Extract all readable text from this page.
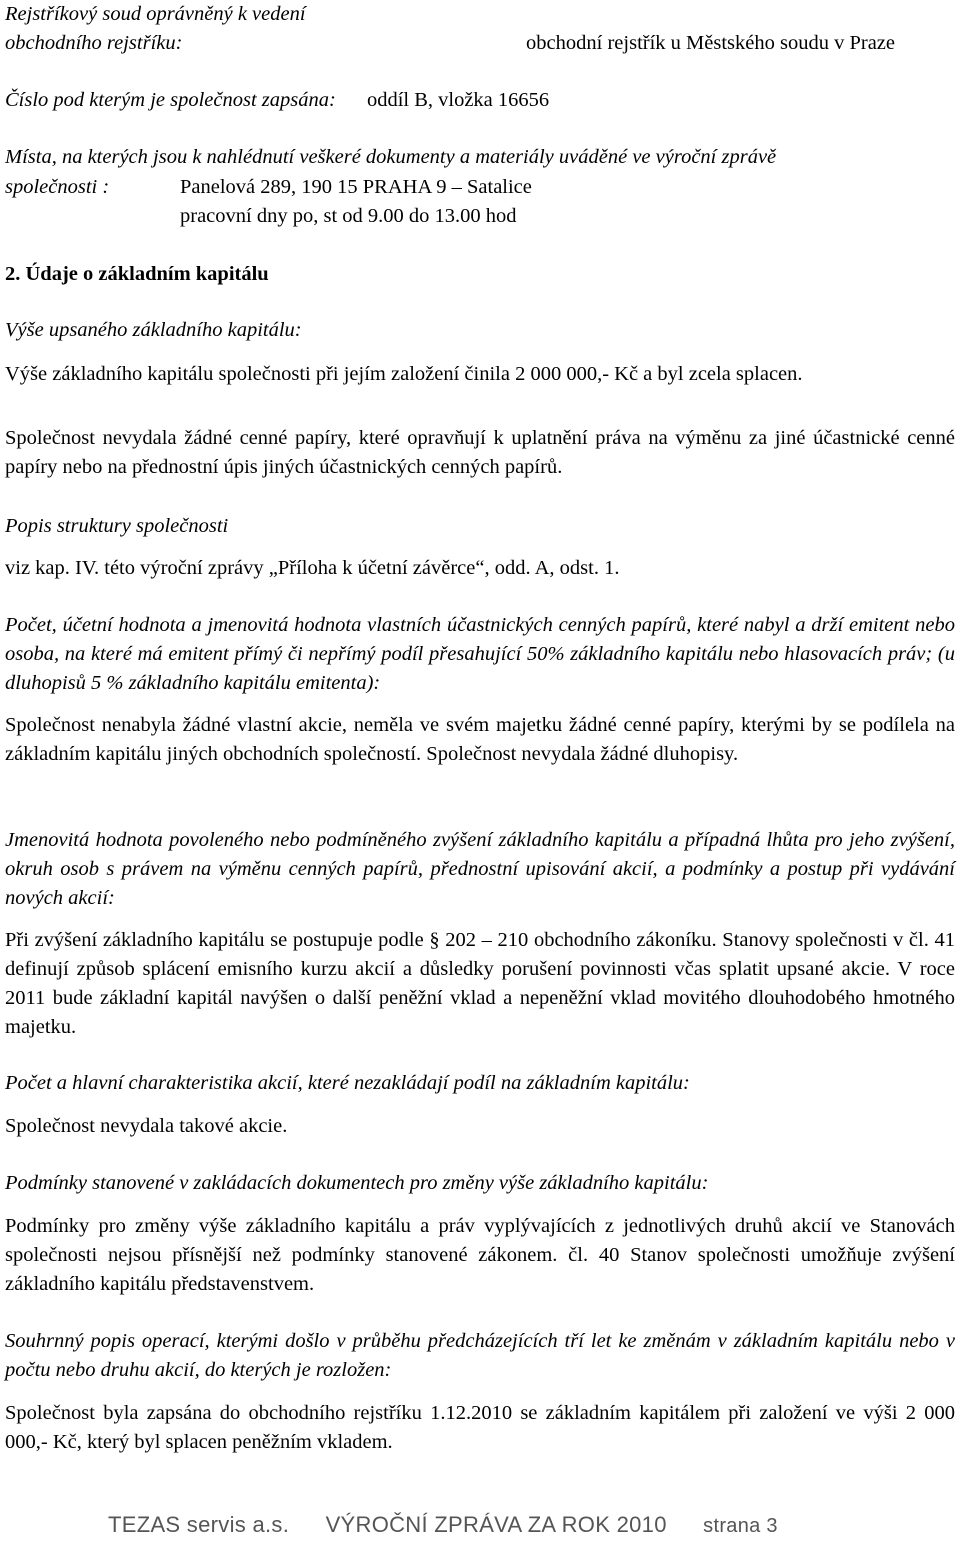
Rejstříkový soud oprávněný k vedení
obchodního rejstříku:	obchodní rejstřík u Městského soudu v Praze
Číslo pod kterým je společnost zapsána: oddíl B, vložka 16656
Místa, na kterých jsou k nahlédnutí veškeré dokumenty a materiály uváděné ve výroční zprávě
společnosti :	Panelová 289, 190 15 PRAHA 9 – Satalice
pracovní dny po, st od 9.00 do 13.00 hod
2. Údaje o základním kapitálu
Výše upsaného základního kapitálu:

Výše základního kapitálu společnosti při jejím založení činila 2 000 000,- Kč a byl zcela splacen.

Společnost nevydala žádné cenné papíry, které opravňují k uplatnění práva na výměnu za jiné účastnické cenné papíry nebo na přednostní úpis jiných účastnických cenných papírů.

Popis struktury společnosti
viz kap. IV. této výroční zprávy „Příloha k účetní závěrce“, odd. A, odst. 1.

Počet, účetní hodnota a jmenovitá hodnota vlastních účastnických cenných papírů, které nabyl a drží emitent nebo osoba, na které má emitent přímý či nepřímý podíl přesahující 50% základního kapitálu nebo hlasovacích práv; (u dluhopisů 5 % základního kapitálu emitenta):

Společnost nenabyla žádné vlastní akcie, neměla ve svém majetku žádné cenné papíry, kterými by se podílela na základním kapitálu jiných obchodních společností. Společnost nevydala žádné dluhopisy.

Jmenovitá hodnota povoleného nebo podmíněného zvýšení základního kapitálu a případná lhůta pro jeho zvýšení, okruh osob s právem na výměnu cenných papírů, přednostní upisování akcií, a podmínky a postup při vydávání nových akcií:

Při zvýšení základního kapitálu se postupuje podle § 202 – 210 obchodního zákoníku. Stanovy společnosti v čl. 41 definují způsob splácení emisního kurzu akcií a důsledky porušení povinnosti včas splatit upsané akcie. V roce 2011 bude základní kapitál navýšen o další peněžní vklad a nepeněžní vklad movitého dlouhodobého hmotného majetku.

Počet a hlavní charakteristika akcií, které nezakládají podíl na základním kapitálu:
Společnost nevydala takové akcie.
Podmínky stanovené v zakládacích dokumentech pro změny výše základního kapitálu:

Podmínky pro změny výše základního kapitálu a práv vyplývajících z jednotlivých druhů akcií ve Stanovách společnosti nejsou přísnější než podmínky stanovené zákonem. čl. 40 Stanov společnosti umožňuje zvýšení základního kapitálu představenstvem.

Souhrnný popis operací, kterými došlo v průběhu předcházejících tří let ke změnám v základním kapitálu nebo v počtu nebo druhu akcií, do kterých je rozložen:

Společnost byla zapsána do obchodního rejstříku 1.12.2010 se základním kapitálem při založení ve výši 2 000 000,- Kč, který byl splacen peněžním vkladem.

TEZAS servis a.s. VÝROČNÍ ZPRÁVA ZA ROK 2010 strana 3
